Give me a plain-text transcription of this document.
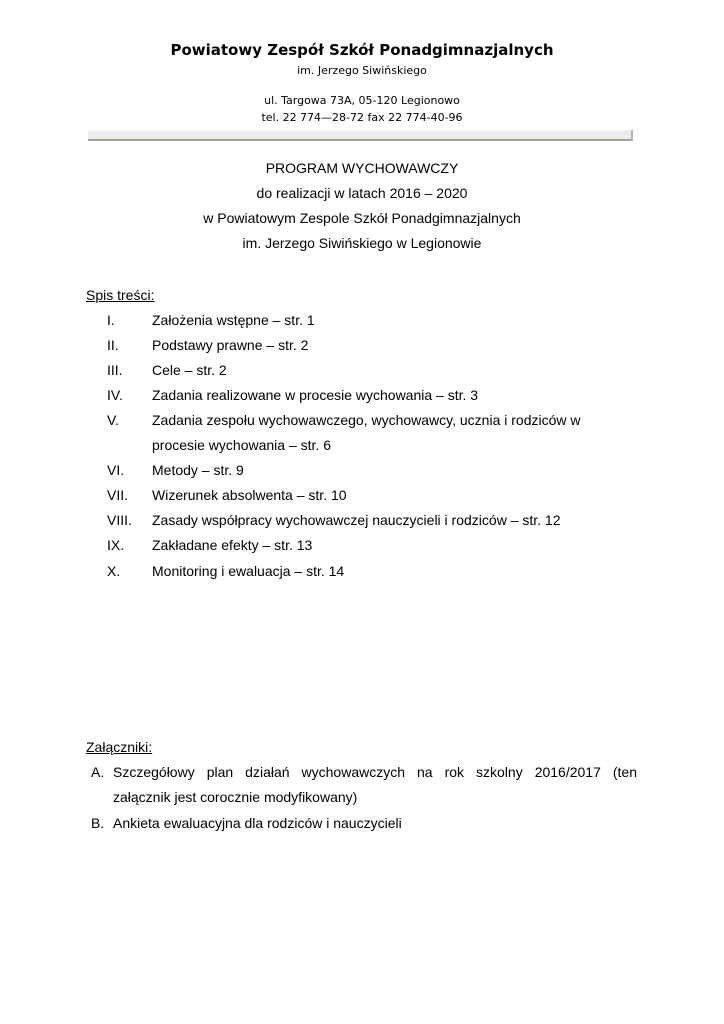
Powiatowy Zespół Szkół Ponadgimnazjalnych
im. Jerzego Siwińskiego
ul. Targowa 73A, 05-120 Legionowo
tel. 22 774—28-72 fax 22 774-40-96
PROGRAM WYCHOWAWCZY
do realizacji w latach 2016 – 2020
w Powiatowym Zespole Szkół Ponadgimnazjalnych
im. Jerzego Siwińskiego w Legionowie
Spis treści:
I.	Założenia wstępne – str. 1
II. Podstawy prawne – str. 2
III. Cele – str. 2
IV. Zadania realizowane w procesie wychowania – str. 3
V. Zadania zespołu wychowawczego, wychowawcy, ucznia i rodziców w
procesie wychowania – str. 6
VI. Metody – str. 9
VII. Wizerunek absolwenta – str. 10
VIII. Zasady współpracy wychowawczej nauczycieli i rodziców – str. 12
IX. Zakładane efekty – str. 13
X. Monitoring i ewaluacja – str. 14
Załączniki:
A. Szczegółowy plan działań wychowawczych na rok szkolny 2016/2017 (ten
załącznik jest corocznie modyfikowany)
B. Ankieta ewaluacyjna dla rodziców i nauczycieli
